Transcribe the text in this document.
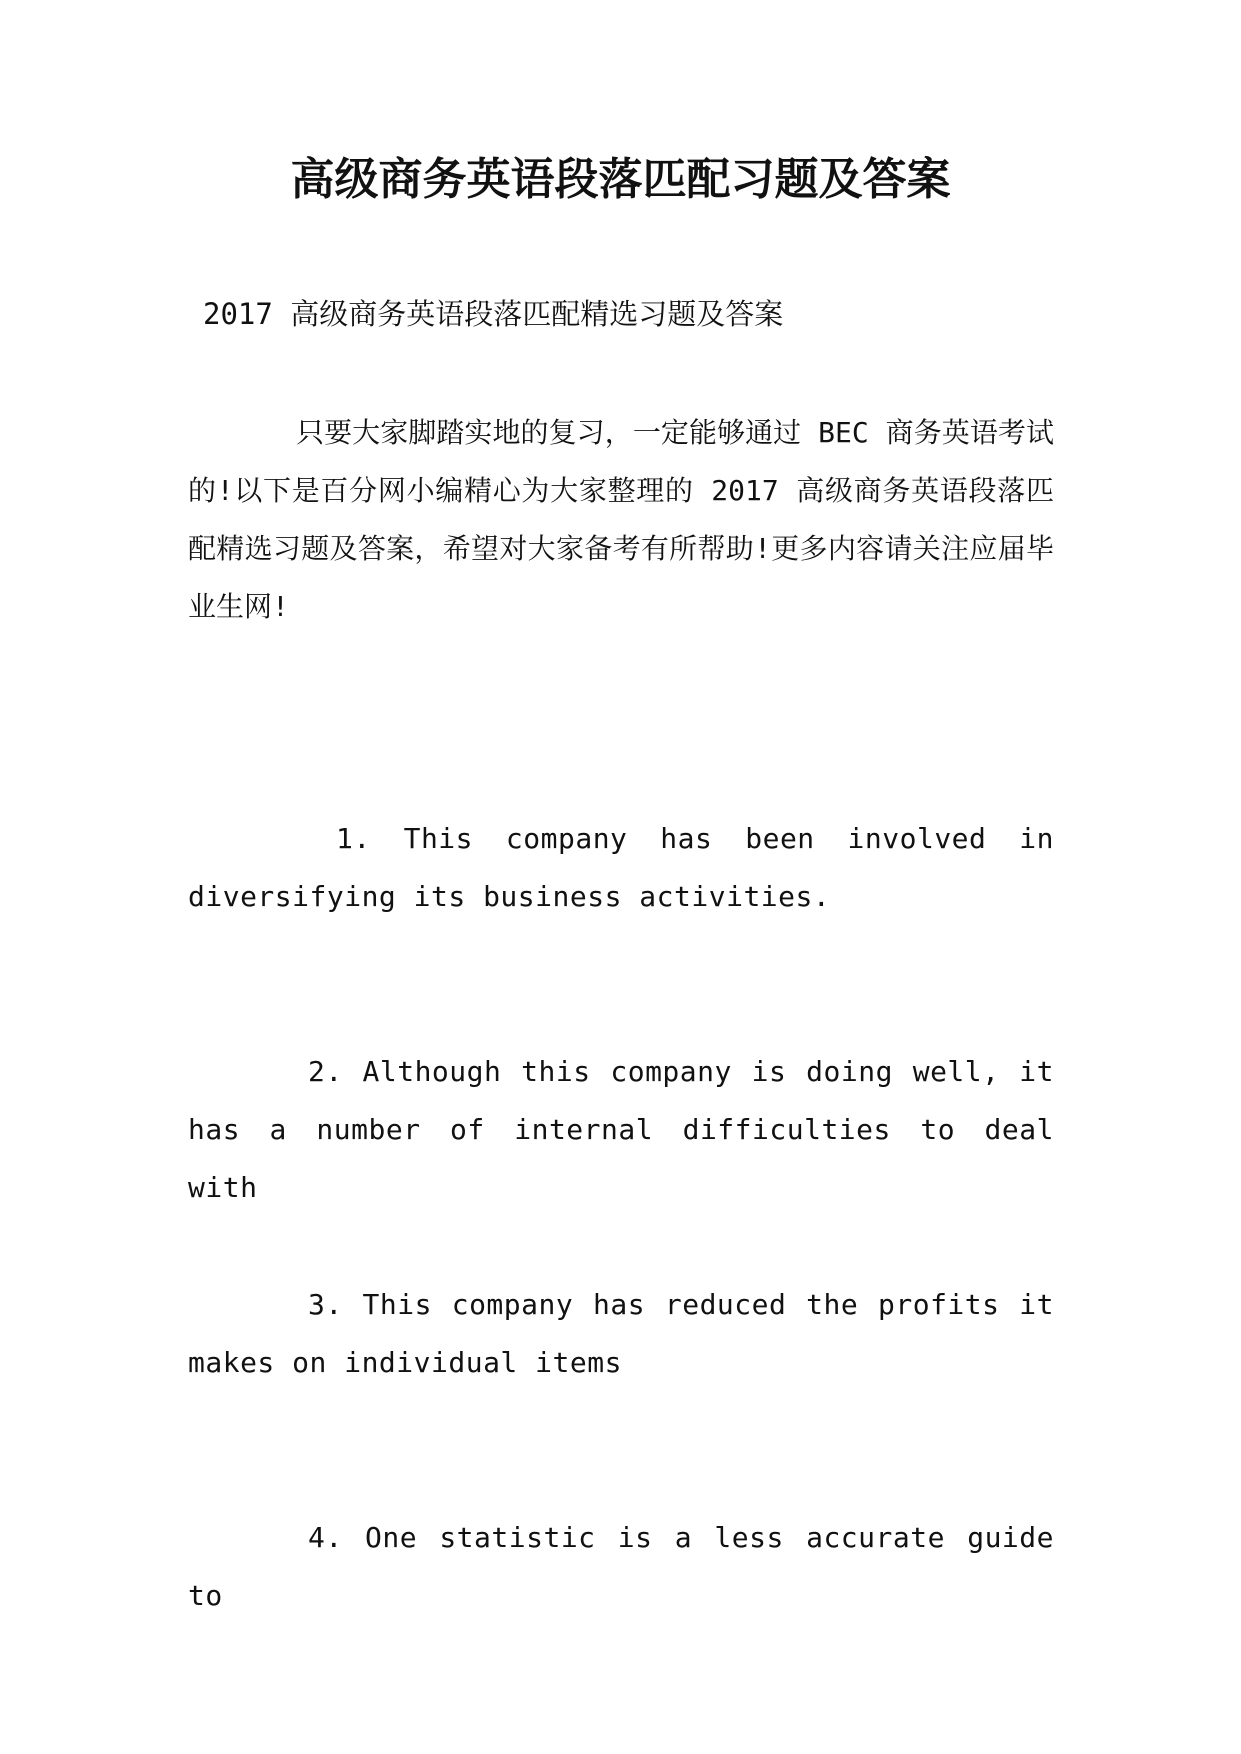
高级商务英语段落匹配习题及答案

2017 高级商务英语段落匹配精选习题及答案

只要大家脚踏实地的复习，一定能够通过 BEC 商务英语考试的!以下是百分网小编精心为大家整理的 2017 高级商务英语段落匹配精选习题及答案，希望对大家备考有所帮助!更多内容请关注应届毕业生网!

1. This company has been involved in diversifying its business activities.

2. Although this company is doing well, it has a number of internal difficulties to deal with

3. This company has reduced the profits it makes on individual items

4. One statistic is a less accurate guide to
